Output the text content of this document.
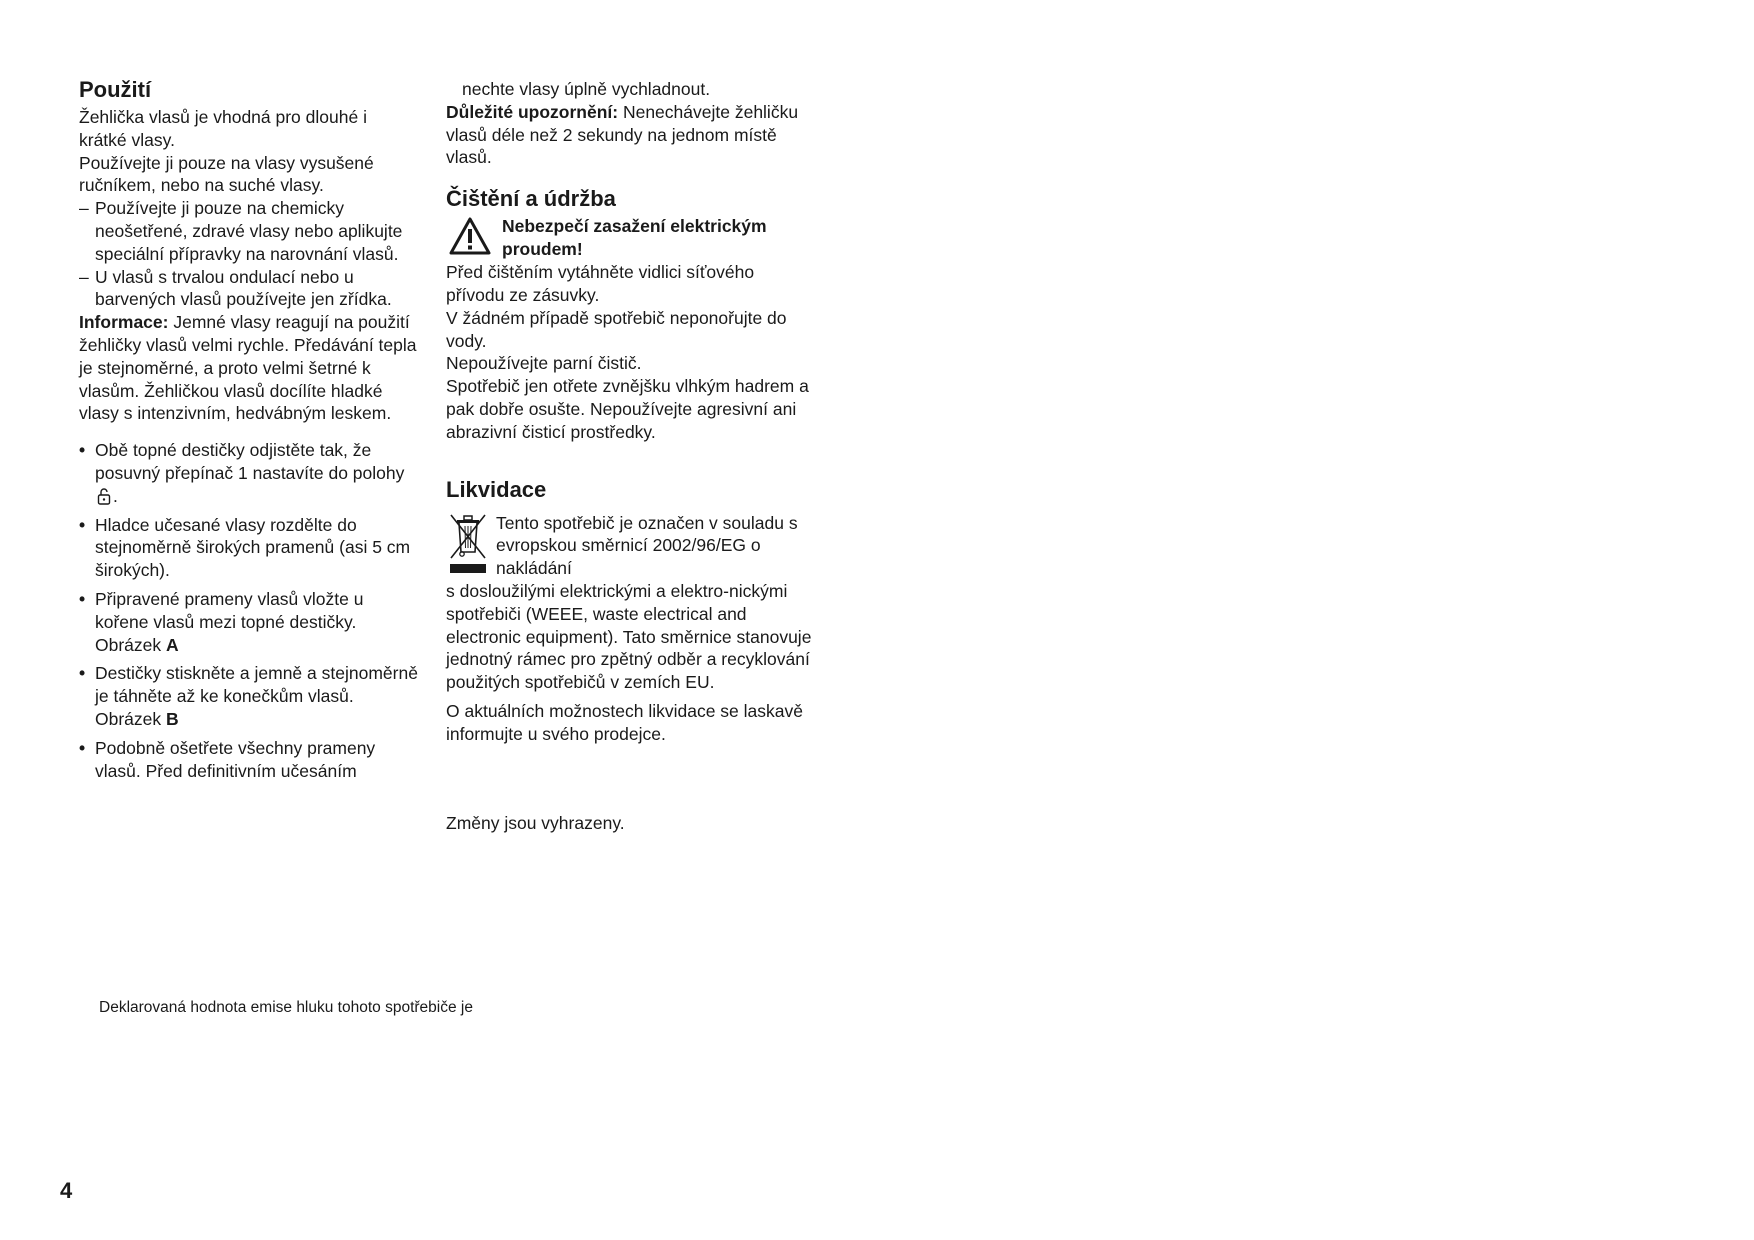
Použití

Žehlička vlasů je vhodná pro dlouhé i krátké vlasy.

Používejte ji pouze na vlasy vysušené ručníkem, nebo na suché vlasy.

– Používejte ji pouze na chemicky neošetřené, zdravé vlasy nebo aplikujte speciální přípravky na narovnání vlasů.

– U vlasů s trvalou ondulací nebo u barvených vlasů používejte jen zřídka.

Informace: Jemné vlasy reagují na použití žehličky vlasů velmi rychle. Předávání tepla je stejnoměrné, a proto velmi šetrné k vlasům. Žehličkou vlasů docílíte hladké vlasy s intenzivním, hedvábným leskem.

• Obě topné destičky odjistěte tak, že posuvný přepínač 1 nastavíte do polohy .

• Hladce učesané vlasy rozdělte do stejnoměrně širokých pramenů (asi 5 cm širokých).

• Připravené prameny vlasů vložte u kořene vlasů mezi topné destičky.
Obrázek A

• Destičky stiskněte a jemně a stejnoměrně je táhněte až ke konečkům vlasů.
Obrázek B

• Podobně ošetřete všechny prameny vlasů. Před definitivním učesáním

nechte vlasy úplně vychladnout.

Důležité upozornění: Nenechávejte žehličku vlasů déle než 2 sekundy na jednom místě vlasů.

Čištění a údržba
Nebezpečí zasažení elektrickým proudem!

Před čištěním vytáhněte vidlici síťového přívodu ze zásuvky.

V žádném případě spotřebič neponořujte do vody.

Nepoužívejte parní čistič.

Spotřebič jen otřete zvnějšku vlhkým hadrem a pak dobře osušte. Nepoužívejte agresivní ani abrazivní čisticí prostředky.

Likvidace
Tento spotřebič je označen v souladu s evropskou směrnicí 2002/96/EG o nakládání

s dosloužilými elektrickými a elektro-nickými spotřebiči (WEEE, waste electrical and electronic equipment). Tato směrnice stanovuje jednotný rámec pro zpětný odběr a recyklování použitých spotřebičů v zemích EU.

O aktuálních možnostech likvidace se laskavě informujte u svého prodejce.

Změny jsou vyhrazeny.

Deklarovaná hodnota emise hluku tohoto spotřebiče je
4
